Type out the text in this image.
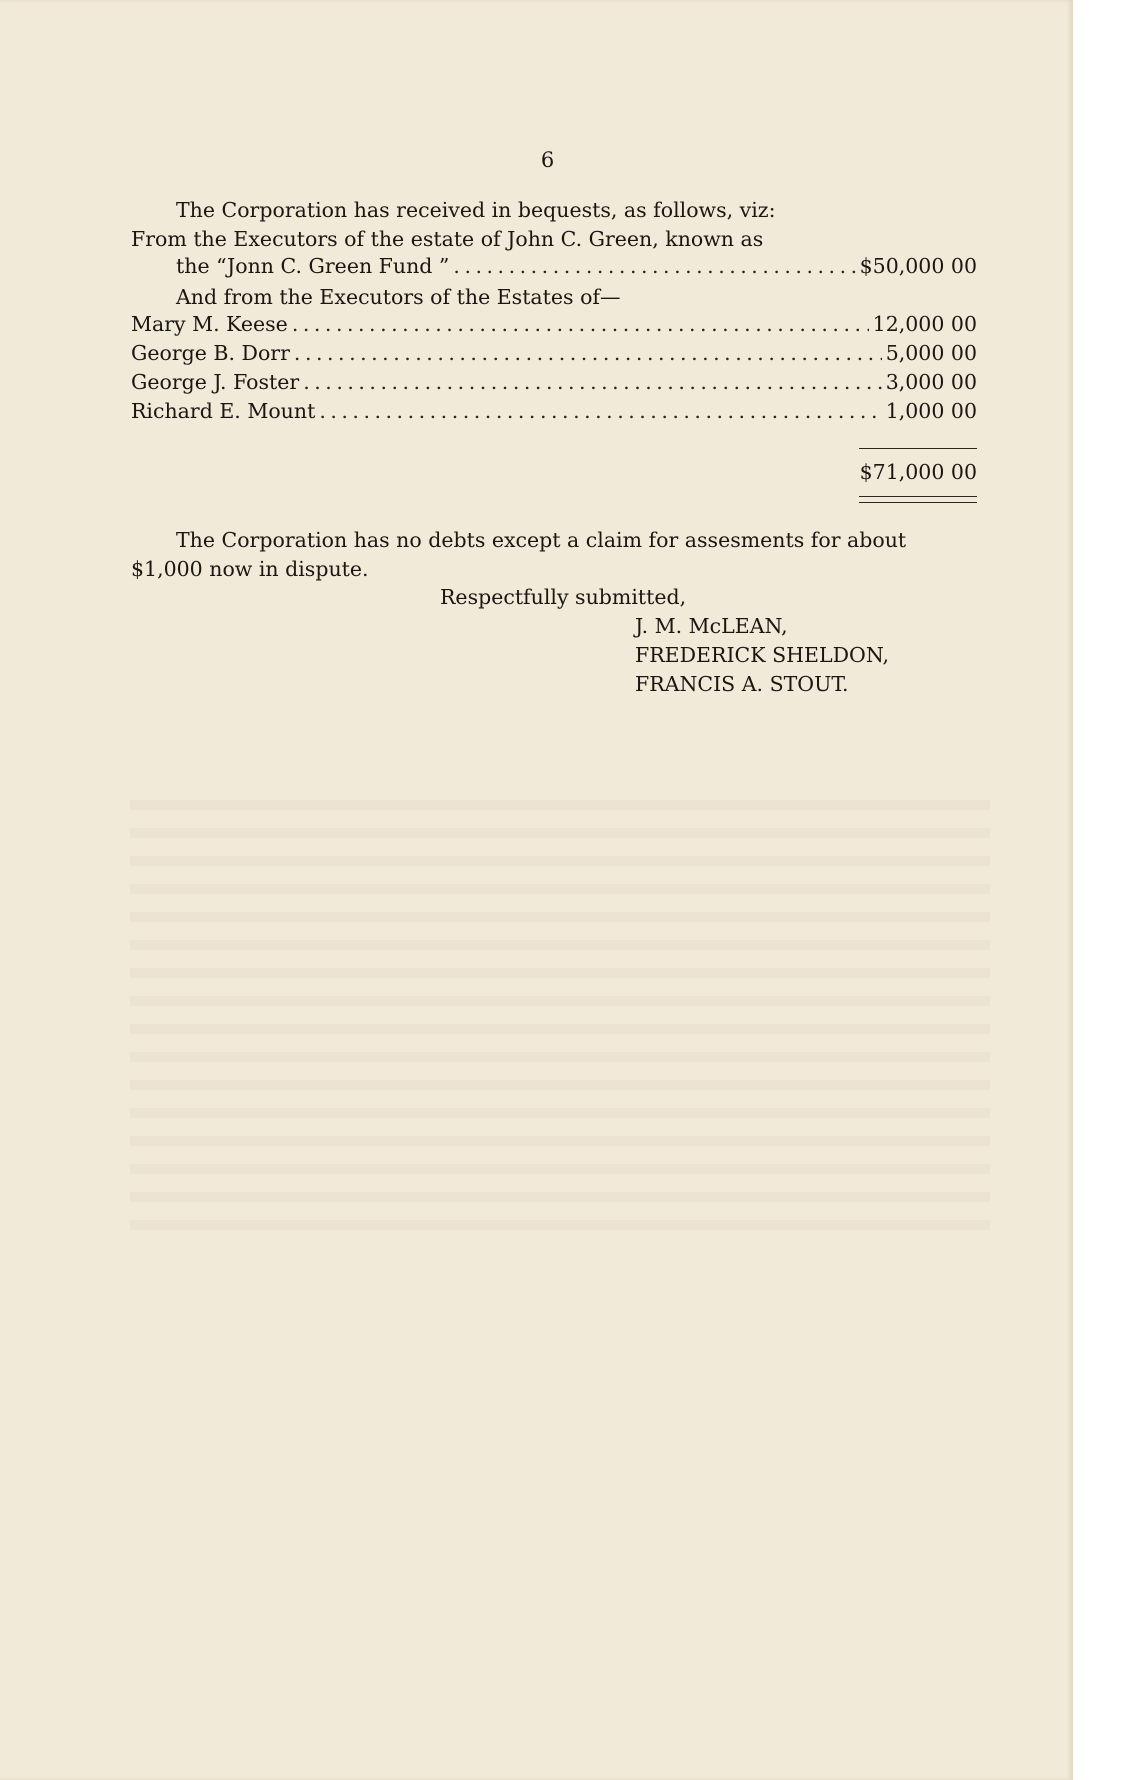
6
The Corporation has received in bequests, as follows, viz:
From the Executors of the estate of John C. Green, known as
the “Jonn C. Green Fund ” . . .	$50,000 00
And from the Executors of the Estates of—
Mary M. Keese . . .	12,000 00
George B. Dorr . . .	5,000 00
George J. Foster . . .	3,000 00
Richard E. Mount . . .	1,000 00
$71,000 00
The Corporation has no debts except a claim for assesments for about
$1,000 now in dispute.
Respectfully submitted,
J. M. McLEAN,
FREDERICK SHELDON,
FRANCIS A. STOUT.
